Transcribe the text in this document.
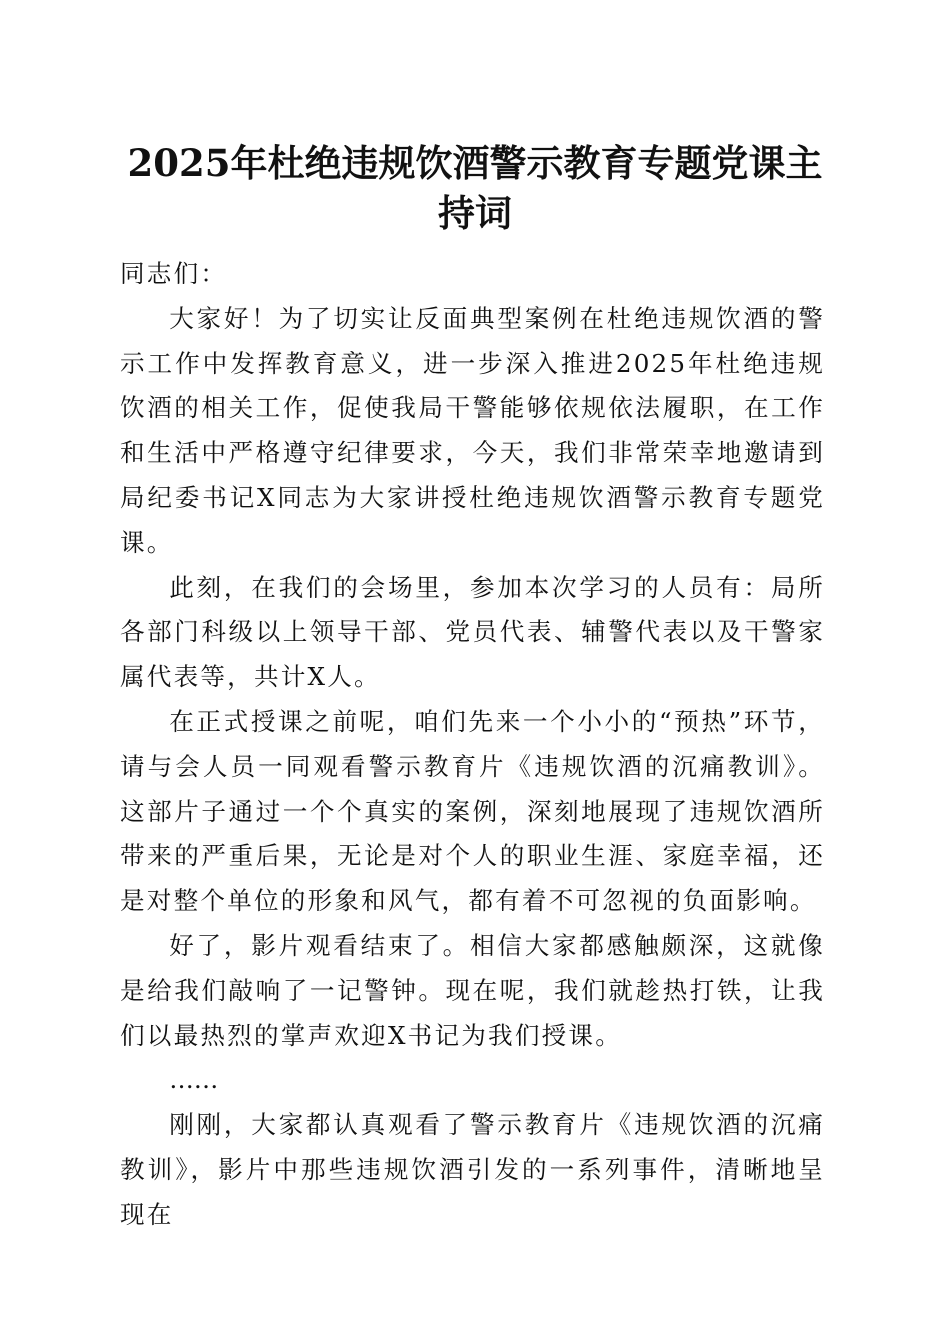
2025年杜绝违规饮酒警示教育专题党课主持词

同志们：

大家好！为了切实让反面典型案例在杜绝违规饮酒的警示工作中发挥教育意义，进一步深入推进2025年杜绝违规饮酒的相关工作，促使我局干警能够依规依法履职，在工作和生活中严格遵守纪律要求，今天，我们非常荣幸地邀请到局纪委书记X同志为大家讲授杜绝违规饮酒警示教育专题党课。

此刻，在我们的会场里，参加本次学习的人员有：局所各部门科级以上领导干部、党员代表、辅警代表以及干警家属代表等，共计X人。

在正式授课之前呢，咱们先来一个小小的“预热”环节，请与会人员一同观看警示教育片《违规饮酒的沉痛教训》。这部片子通过一个个真实的案例，深刻地展现了违规饮酒所带来的严重后果，无论是对个人的职业生涯、家庭幸福，还是对整个单位的形象和风气，都有着不可忽视的负面影响。

好了，影片观看结束了。相信大家都感触颇深，这就像是给我们敲响了一记警钟。现在呢，我们就趁热打铁，让我们以最热烈的掌声欢迎X书记为我们授课。

……

刚刚，大家都认真观看了警示教育片《违规饮酒的沉痛教训》，影片中那些违规饮酒引发的一系列事件，清晰地呈现在
